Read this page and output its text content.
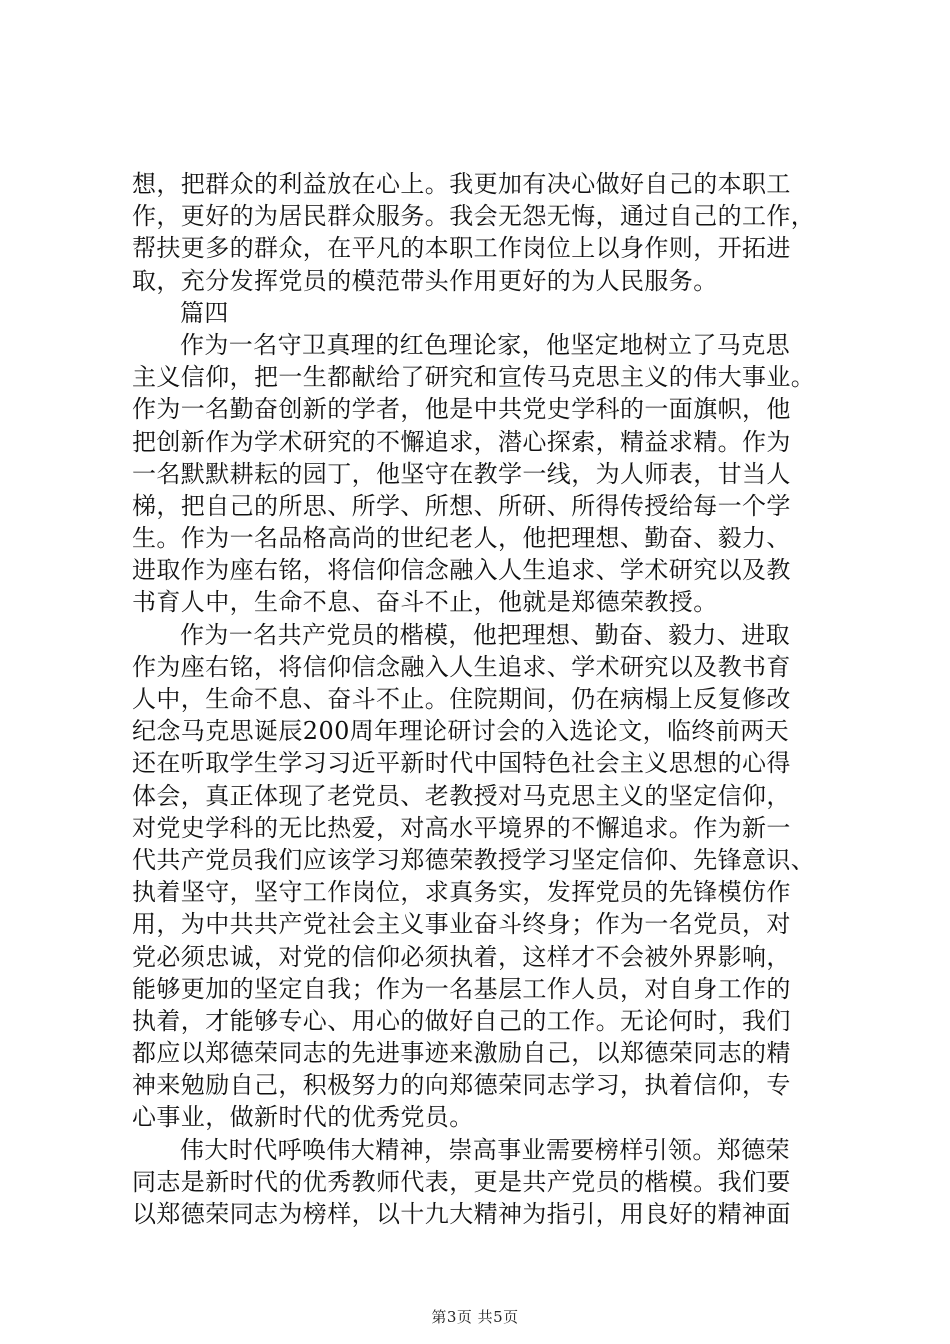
想，把群众的利益放在心上。我更加有决心做好自己的本职工
作，更好的为居民群众服务。我会无怨无悔，通过自己的工作，
帮扶更多的群众，在平凡的本职工作岗位上以身作则，开拓进
取，充分发挥党员的模范带头作用更好的为人民服务。
篇四
作为一名守卫真理的红色理论家，他坚定地树立了马克思
主义信仰，把一生都献给了研究和宣传马克思主义的伟大事业。
作为一名勤奋创新的学者，他是中共党史学科的一面旗帜，他
把创新作为学术研究的不懈追求，潜心探索，精益求精。作为
一名默默耕耘的园丁，他坚守在教学一线，为人师表，甘当人
梯，把自己的所思、所学、所想、所研、所得传授给每一个学
生。作为一名品格高尚的世纪老人，他把理想、勤奋、毅力、
进取作为座右铭，将信仰信念融入人生追求、学术研究以及教
书育人中，生命不息、奋斗不止，他就是郑德荣教授。
作为一名共产党员的楷模，他把理想、勤奋、毅力、进取
作为座右铭，将信仰信念融入人生追求、学术研究以及教书育
人中，生命不息、奋斗不止。住院期间，仍在病榻上反复修改
纪念马克思诞辰200周年理论研讨会的入选论文，临终前两天
还在听取学生学习习近平新时代中国特色社会主义思想的心得
体会，真正体现了老党员、老教授对马克思主义的坚定信仰，
对党史学科的无比热爱，对高水平境界的不懈追求。作为新一
代共产党员我们应该学习郑德荣教授学习坚定信仰、先锋意识、
执着坚守，坚守工作岗位，求真务实，发挥党员的先锋模仿作
用，为中共共产党社会主义事业奋斗终身；作为一名党员，对
党必须忠诚，对党的信仰必须执着，这样才不会被外界影响，
能够更加的坚定自我；作为一名基层工作人员，对自身工作的
执着，才能够专心、用心的做好自己的工作。无论何时，我们
都应以郑德荣同志的先进事迹来激励自己，以郑德荣同志的精
神来勉励自己，积极努力的向郑德荣同志学习，执着信仰，专
心事业，做新时代的优秀党员。
伟大时代呼唤伟大精神，崇高事业需要榜样引领。郑德荣
同志是新时代的优秀教师代表，更是共产党员的楷模。我们要
以郑德荣同志为榜样，以十九大精神为指引，用良好的精神面
第3页 共5页
